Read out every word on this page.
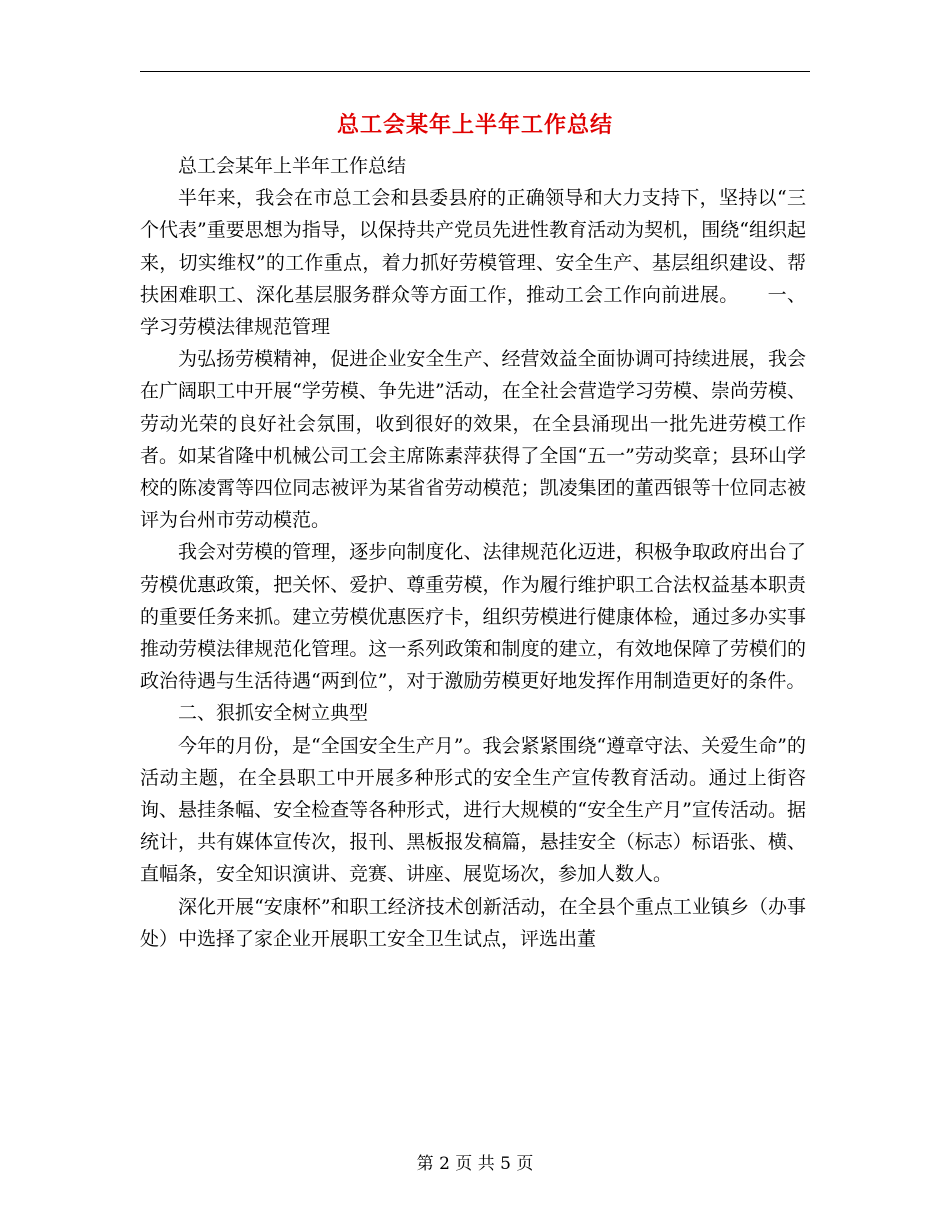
总工会某年上半年工作总结

总工会某年上半年工作总结

半年来，我会在市总工会和县委县府的正确领导和大力支持下，坚持以“三个代表”重要思想为指导，以保持共产党员先进性教育活动为契机，围绕“组织起来，切实维权”的工作重点，着力抓好劳模管理、安全生产、基层组织建设、帮扶困难职工、深化基层服务群众等方面工作，推动工会工作向前进展。　　一、学习劳模法律规范管理

为弘扬劳模精神，促进企业安全生产、经营效益全面协调可持续进展，我会在广阔职工中开展“学劳模、争先进”活动，在全社会营造学习劳模、崇尚劳模、劳动光荣的良好社会氛围，收到很好的效果，在全县涌现出一批先进劳模工作者。如某省隆中机械公司工会主席陈素萍获得了全国“五一”劳动奖章；县环山学校的陈凌霄等四位同志被评为某省省劳动模范；凯凌集团的董西银等十位同志被评为台州市劳动模范。

我会对劳模的管理，逐步向制度化、法律规范化迈进，积极争取政府出台了劳模优惠政策，把关怀、爱护、尊重劳模，作为履行维护职工合法权益基本职责的重要任务来抓。建立劳模优惠医疗卡，组织劳模进行健康体检，通过多办实事推动劳模法律规范化管理。这一系列政策和制度的建立，有效地保障了劳模们的政治待遇与生活待遇“两到位”，对于激励劳模更好地发挥作用制造更好的条件。

二、狠抓安全树立典型

今年的月份，是“全国安全生产月”。我会紧紧围绕“遵章守法、关爱生命”的活动主题，在全县职工中开展多种形式的安全生产宣传教育活动。通过上街咨询、悬挂条幅、安全检查等各种形式，进行大规模的“安全生产月”宣传活动。据统计，共有媒体宣传次，报刊、黑板报发稿篇，悬挂安全（标志）标语张、横、直幅条，安全知识演讲、竞赛、讲座、展览场次，参加人数人。

深化开展“安康杯”和职工经济技术创新活动，在全县个重点工业镇乡（办事处）中选择了家企业开展职工安全卫生试点，评选出董

第 2 页 共 5 页
